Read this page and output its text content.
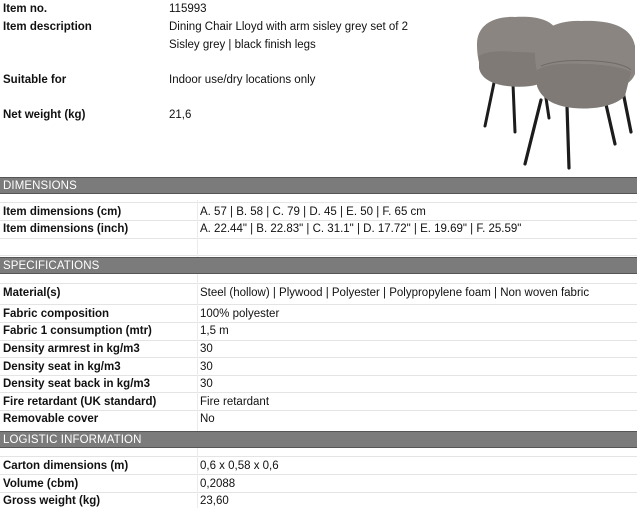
Item no.	115993
Item description	Dining Chair Lloyd with arm sisley grey set of 2
Sisley grey | black finish legs
Suitable for	Indoor use/dry locations only
Net weight (kg)	21,6
DIMENSIONS
Item dimensions (cm)	A. 57 | B. 58 | C. 79 | D. 45 | E. 50 | F. 65 cm
Item dimensions (inch)	A. 22.44" | B. 22.83" | C. 31.1" | D. 17.72" | E. 19.69" | F. 25.59"
SPECIFICATIONS
Material(s)	Steel (hollow) | Plywood | Polyester | Polypropylene foam | Non woven fabric
Fabric composition	100% polyester
Fabric 1 consumption (mtr)	1,5 m
Density armrest in kg/m3	30
Density seat in kg/m3	30
Density seat back in kg/m3	30
Fire retardant (UK standard)	Fire retardant
Removable cover	No
LOGISTIC INFORMATION
Carton dimensions (m)	0,6 x 0,58 x 0,6
Volume (cbm)	0,2088
Gross weight (kg)	23,60
